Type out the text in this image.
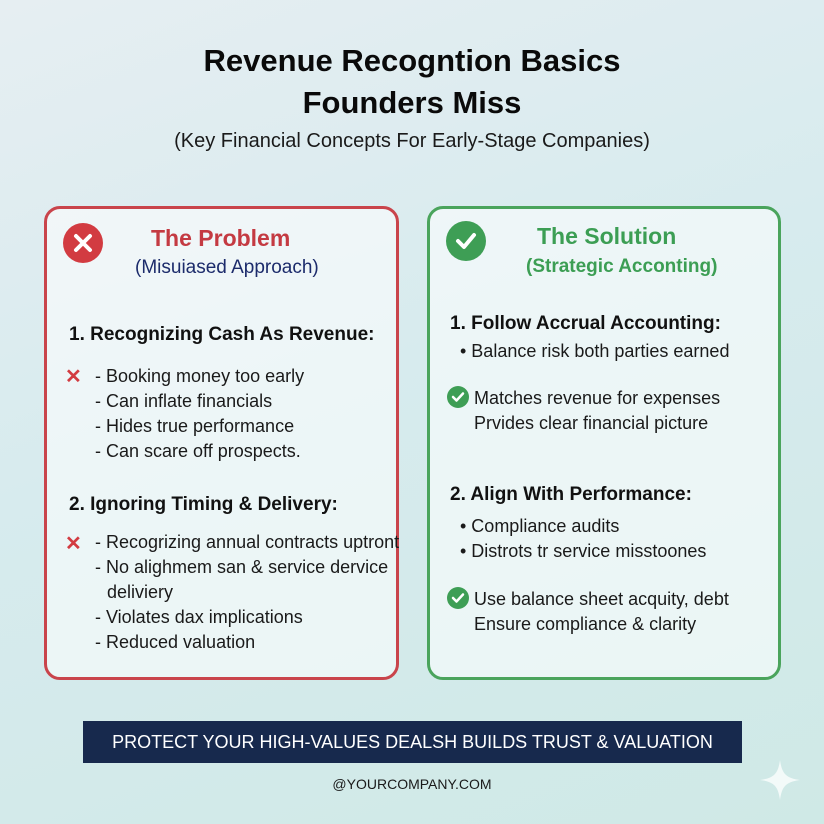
Revenue Recogntion Basics
Founders Miss
(Key Financial Concepts For Early-Stage Companies)
The Problem
(Misuiased Approach)
1. Recognizing Cash As Revenue:
✕ - Booking money too early
- Can inflate financials
- Hides true performance
- Can scare off prospects.
2. Ignoring Timing & Delivery:
✕ - Recogrizing annual contracts uptront
- No alighmem san & service dervice
deliviery
- Violates dax implications
- Reduced valuation
The Solution
(Strategic Acconting)
1. Follow Accrual Accounting:
• Balance risk both parties earned
Matches revenue for expenses
Prvides clear financial picture
2. Align With Performance:
• Compliance audits
• Distrots tr service misstoones
Use balance sheet acquity, debt
Ensure compliance & clarity
PROTECT YOUR HIGH-VALUES DEALSH BUILDS TRUST & VALUATION
@YOURCOMPANY.COM
